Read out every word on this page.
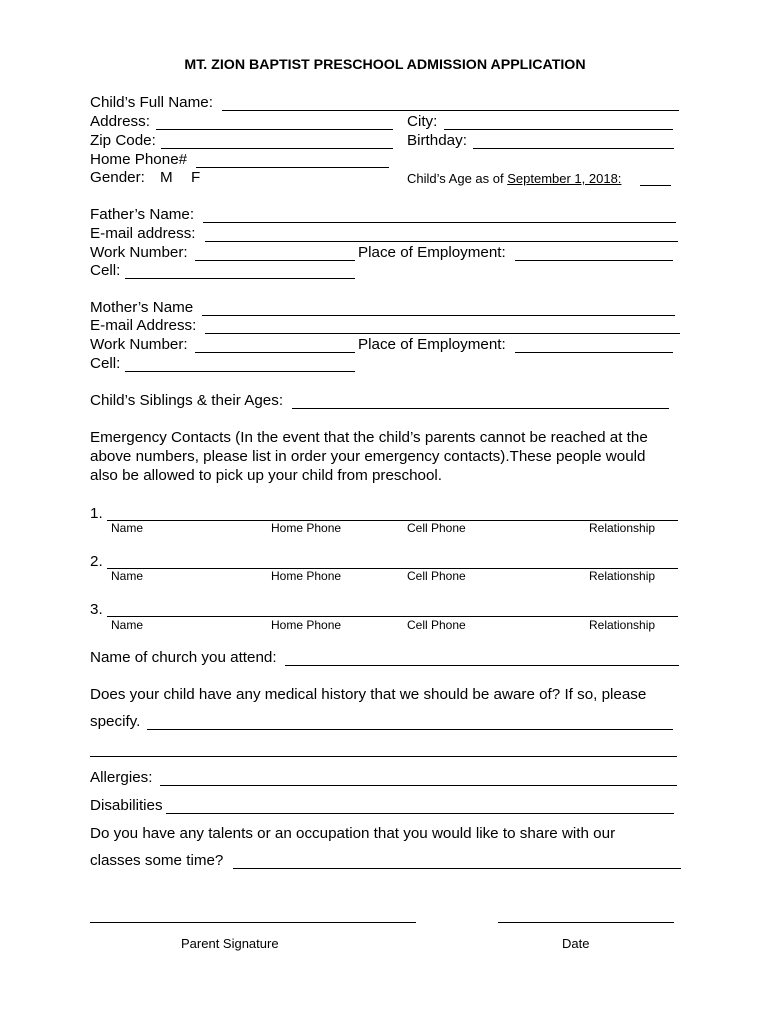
MT. ZION BAPTIST PRESCHOOL ADMISSION APPLICATION
Child’s Full Name:
Address:	City:
Zip Code:	Birthday:
Home Phone#
Gender: M F	Child’s Age as of September 1, 2018:
Father’s Name:
E-mail address:
Work Number:	Place of Employment:
Cell:
Mother’s Name
E-mail Address:
Work Number:	Place of Employment:
Cell:
Child’s Siblings & their Ages:
Emergency Contacts (In the event that the child’s parents cannot be reached at the
above numbers, please list in order your emergency contacts).These people would
also be allowed to pick up your child from preschool.
1.
Name	Home Phone	Cell Phone	Relationship
2.
Name	Home Phone	Cell Phone	Relationship
3.
Name	Home Phone	Cell Phone	Relationship
Name of church you attend:
Does your child have any medical history that we should be aware of? If so, please
specify.
Allergies:
Disabilities
Do you have any talents or an occupation that you would like to share with our
classes some time?
Parent Signature	Date
